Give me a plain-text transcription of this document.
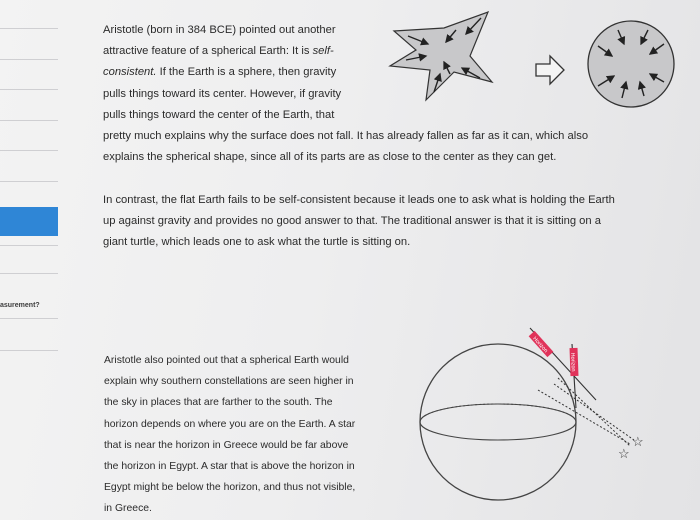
asurement?
Aristotle (born in 384 BCE) pointed out another
attractive feature of a spherical Earth: It is self-
consistent. If the Earth is a sphere, then gravity
pulls things toward its center. However, if gravity
pulls things toward the center of the Earth, that
pretty much explains why the surface does not fall. It has already fallen as far as it can, which also
explains the spherical shape, since all of its parts are as close to the center as they can get.
In contrast, the flat Earth fails to be self-consistent because it leads one to ask what is holding the Earth
up against gravity and provides no good answer to that. The traditional answer is that it is sitting on a
giant turtle, which leads one to ask what the turtle is sitting on.
Aristotle also pointed out that a spherical Earth would
explain why southern constellations are seen higher in
the sky in places that are farther to the south. The
horizon depends on where you are on the Earth. A star
that is near the horizon in Greece would be far above
the horizon in Egypt. A star that is above the horizon in
Egypt might be below the horizon, and thus not visible,
in Greece.
Horizon
Horizon
☆
☆
